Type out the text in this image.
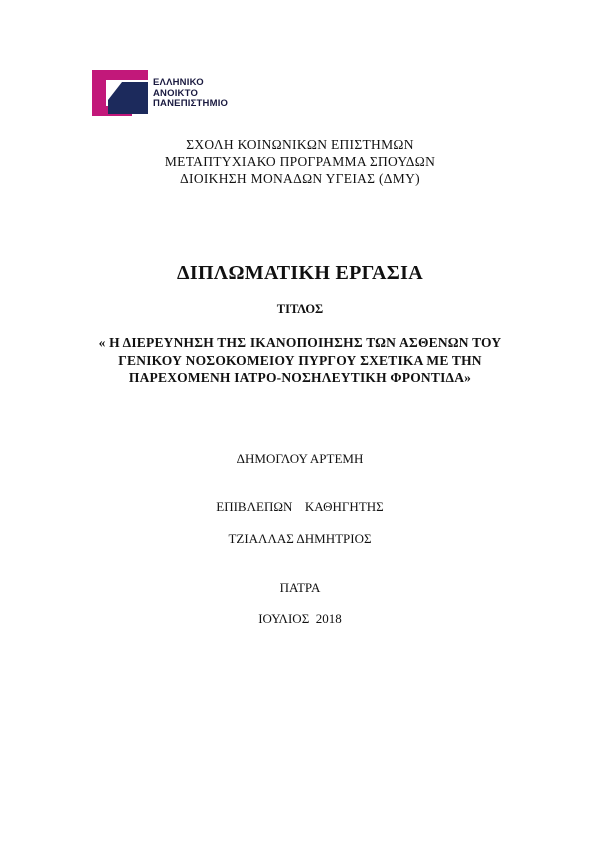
ΕΛΛΗΝΙΚΟ
ΑΝΟΙΚΤΟ
ΠΑΝΕΠΙΣΤΗΜΙΟ
ΣΧΟΛΗ ΚΟΙΝΩΝΙΚΩΝ ΕΠΙΣΤΗΜΩΝ
ΜΕΤΑΠΤΥΧΙΑΚΟ ΠΡΟΓΡΑΜΜΑ ΣΠΟΥΔΩΝ
ΔΙΟΙΚΗΣΗ ΜΟΝΑΔΩΝ ΥΓΕΙΑΣ (ΔΜΥ)
ΔΙΠΛΩΜΑΤΙΚΗ ΕΡΓΑΣΙΑ
ΤΙΤΛΟΣ
« Η ΔΙΕΡΕΥΝΗΣΗ ΤΗΣ ΙΚΑΝΟΠΟΙΗΣΗΣ ΤΩΝ ΑΣΘΕΝΩΝ ΤΟΥ
ΓΕΝΙΚΟΥ ΝΟΣΟΚΟΜΕΙΟΥ ΠΥΡΓΟΥ ΣΧΕΤΙΚΑ ΜΕ ΤΗΝ
ΠΑΡΕΧΟΜΕΝΗ ΙΑΤΡΟ-ΝΟΣΗΛΕΥΤΙΚΗ ΦΡΟΝΤΙΔΑ»
ΔΗΜΟΓΛΟΥ ΑΡΤΕΜΗ
ΕΠΙΒΛΕΠΩΝ  ΚΑΘΗΓΗΤΗΣ
ΤΖΙΑΛΛΑΣ ΔΗΜΗΤΡΙΟΣ
ΠΑΤΡΑ
ΙΟΥΛΙΟΣ  2018
